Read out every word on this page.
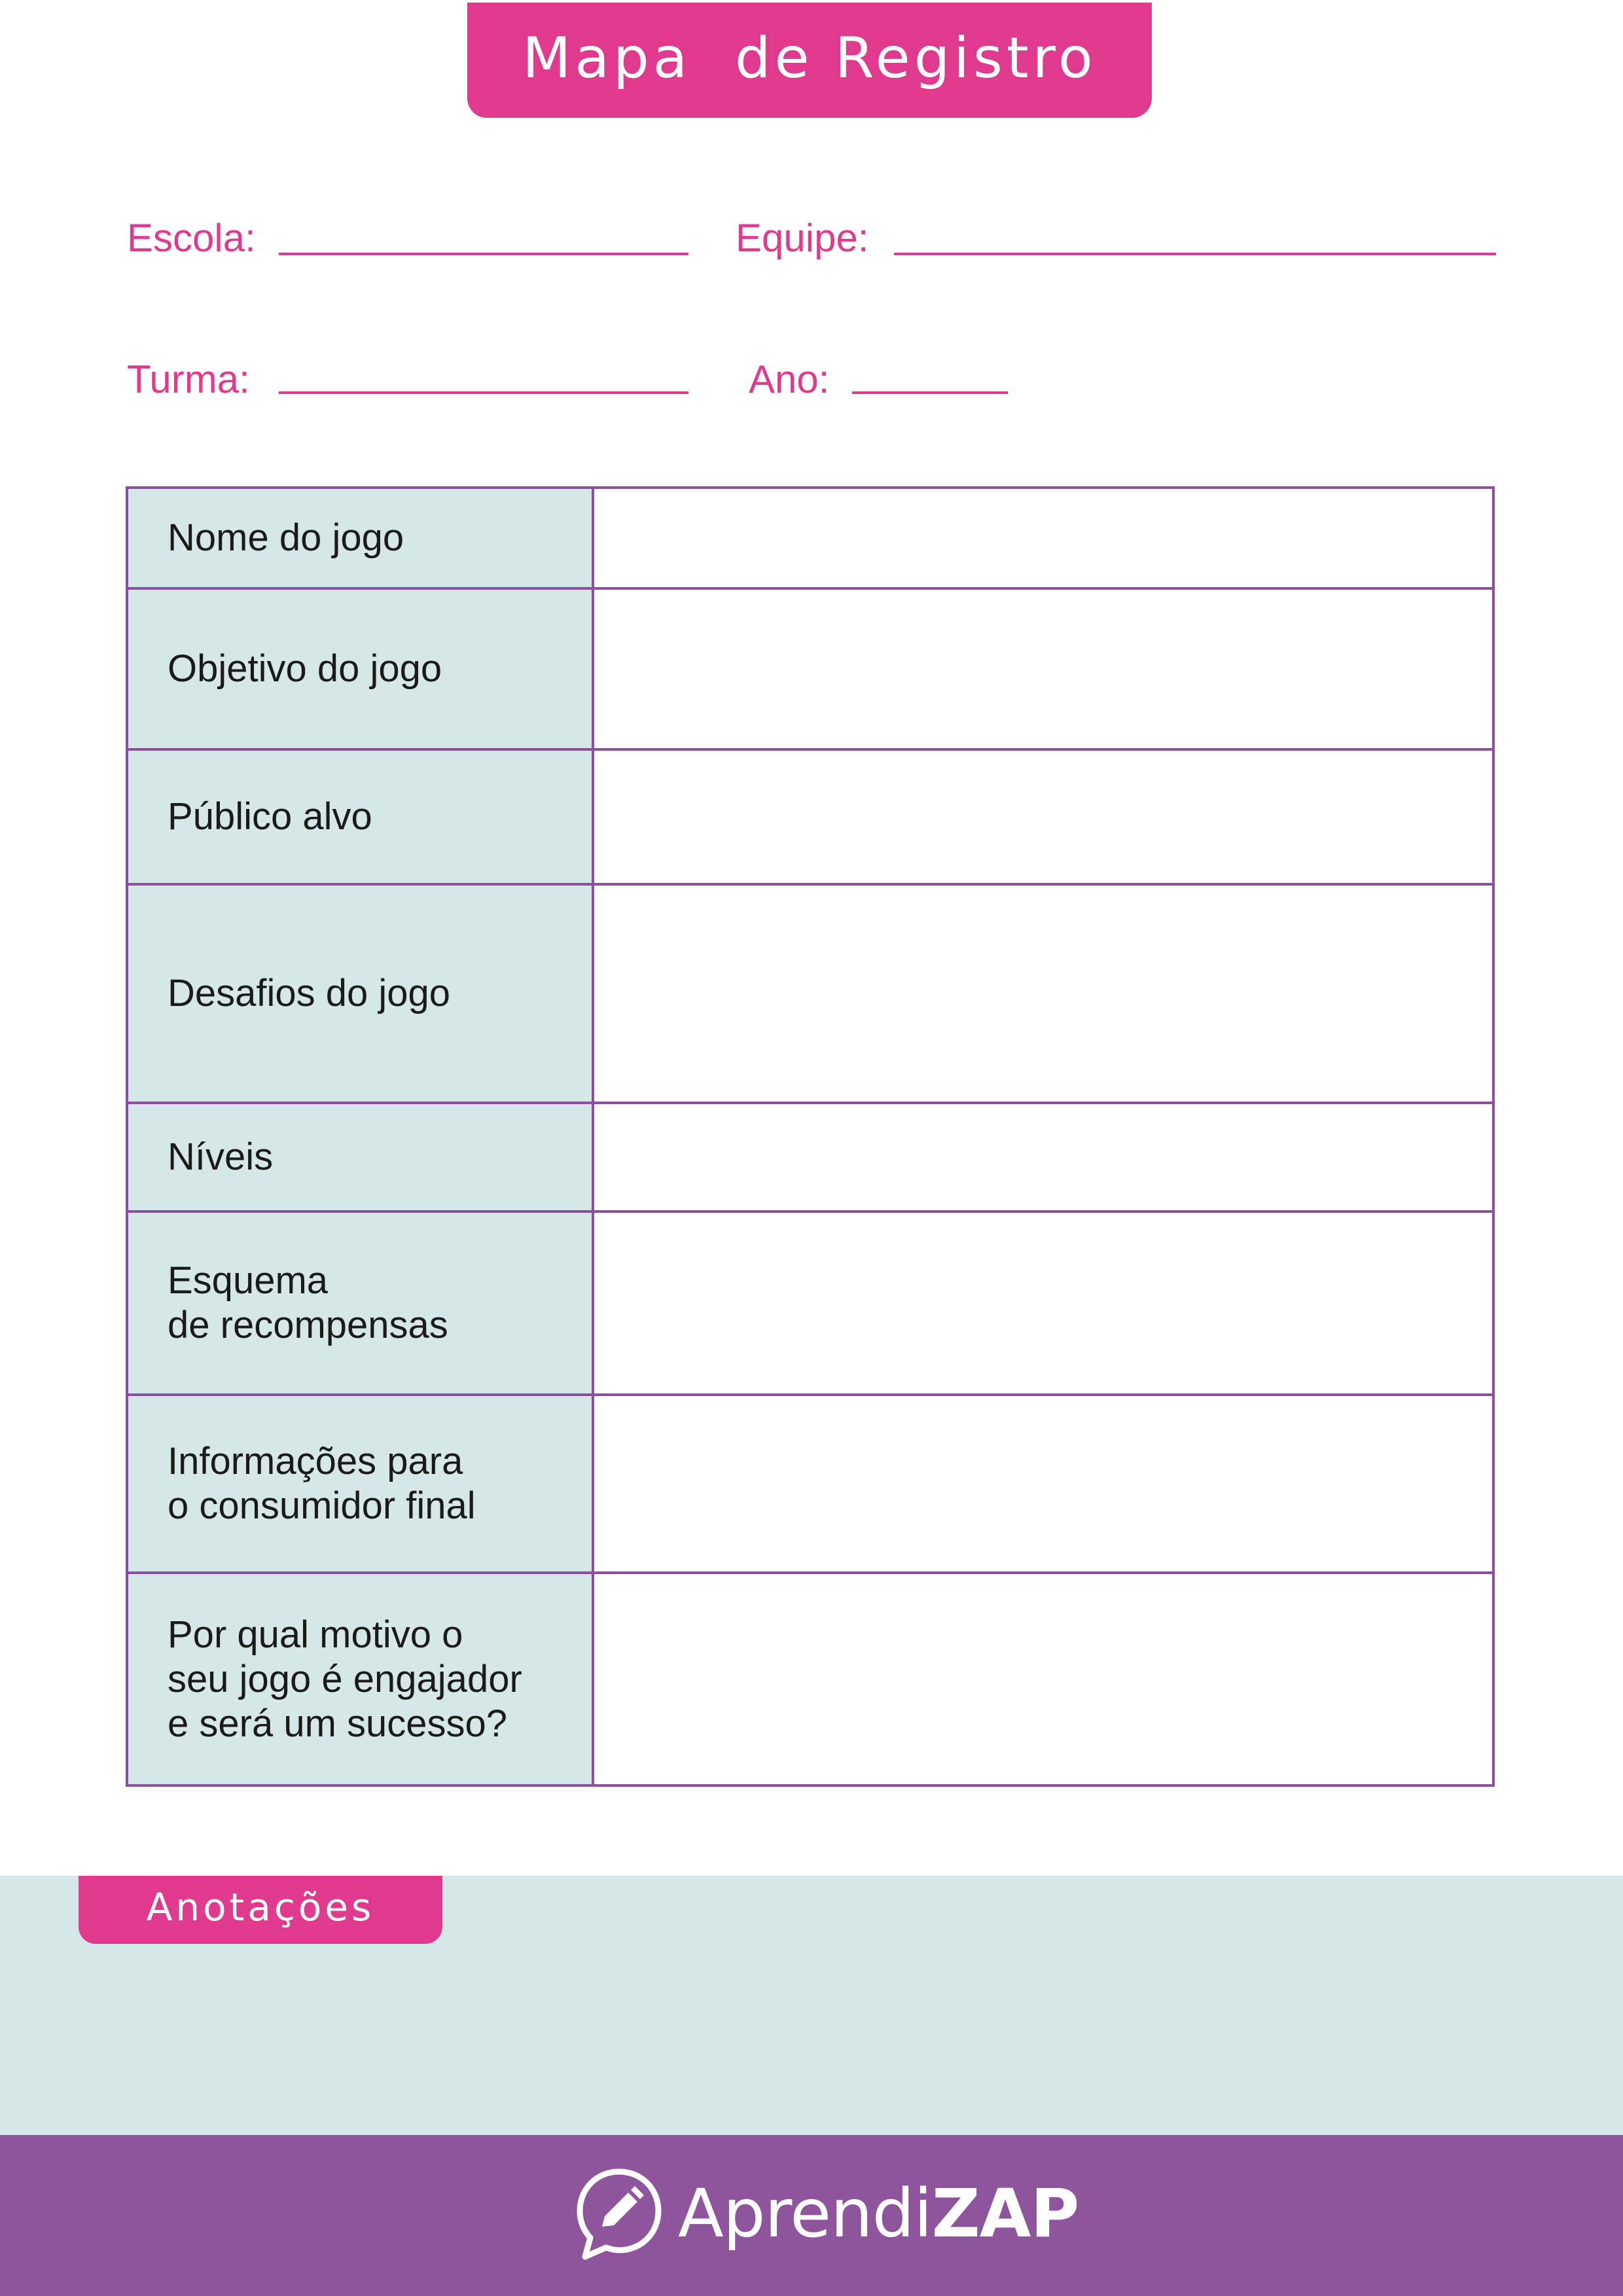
Mapa  de Registro
Escola:	Equipe:
Turma:	Ano:
Nome do jogo
Objetivo do jogo
Público alvo
Desafios do jogo
Níveis
Esquema
de recompensas
Informações para
o consumidor final
Por qual motivo o
seu jogo é engajador
e será um sucesso?
Anotações
AprendiZAP
